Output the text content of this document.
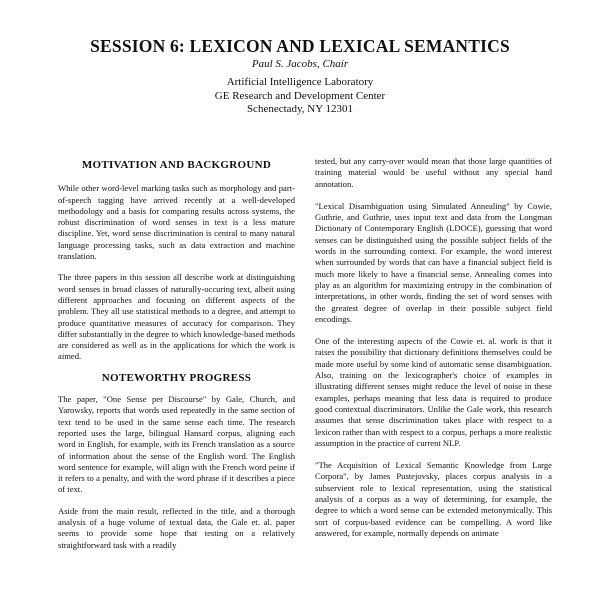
SESSION 6: LEXICON AND LEXICAL SEMANTICS
Paul S. Jacobs, Chair
Artificial Intelligence Laboratory
GE Research and Development Center
Schenectady, NY 12301
MOTIVATION AND BACKGROUND

While other word-level marking tasks such as morphology and part-of-speech tagging have arrived recently at a well-developed methodology and a basis for comparing results across systems, the robust discrimination of word senses in text is a less mature discipline. Yet, word sense discrimination is central to many natural language processing tasks, such as data extraction and machine translation.

The three papers in this session all describe work at distinguishing word senses in broad classes of naturally-occuring text, albeit using different approaches and focusing on different aspects of the problem. They all use statistical methods to a degree, and attempt to produce quantitative measures of accuracy for comparison. They differ substantially in the degree to which knowledge-based methods are considered as well as in the applications for which the work is aimed.

NOTEWORTHY PROGRESS

The paper, "One Sense per Discourse" by Gale, Church, and Yarowsky, reports that words used repeatedly in the same section of text tend to be used in the same sense each time. The research reported uses the large, bilingual Hansard corpus, aligning each word in English, for example, with its French translation as a source of information about the sense of the English word. The English word sentence for example, will align with the French word peine if it refers to a penalty, and with the word phrase if it describes a piece of text.

Aside from the main result, reflected in the title, and a thorough analysis of a huge volume of textual data, the Gale et. al. paper seems to provide some hope that testing on a relatively straightforward task with a readily

tested, but any carry-over would mean that those large quantities of training material would be useful without any special hand annotation.

"Lexical Disambiguation using Simulated Annealing" by Cowie, Guthrie, and Guthrie, uses input text and data from the Longman Dictionary of Contemporary English (LDOCE), guessing that word senses can be distinguished using the possible subject fields of the words in the surrounding context. For example, the word interest when surrounded by words that can have a financial subject field is much more likely to have a financial sense. Annealing comes into play as an algorithm for maximizing entropy in the combination of interpretations, in other words, finding the set of word senses with the greatest degree of overlap in their possible subject field encodings.

One of the interesting aspects of the Cowie et. al. work is that it raises the possibility that dictionary definitions themselves could be made more useful by some kind of automatic sense disambiguation. Also, training on the lexicographer's choice of examples in illustrating different senses might reduce the level of noise in these examples, perhaps meaning that less data is required to produce good contextual discriminators. Unlike the Gale work, this research assumes that sense discrimination takes place with respect to a lexicon rather than with respect to a corpus, perhaps a more realistic assumption in the practice of current NLP.

"The Acquisition of Lexical Semantic Knowledge from Large Corpora", by James Pustejovsky, places corpus analysis in a subservient role to lexical representation, using the statistical analysis of a corpus as a way of determining, for example, the degree to which a word sense can be extended metonymically. This sort of corpus-based evidence can be compelling. A word like answered, for example, normally depends on animate
